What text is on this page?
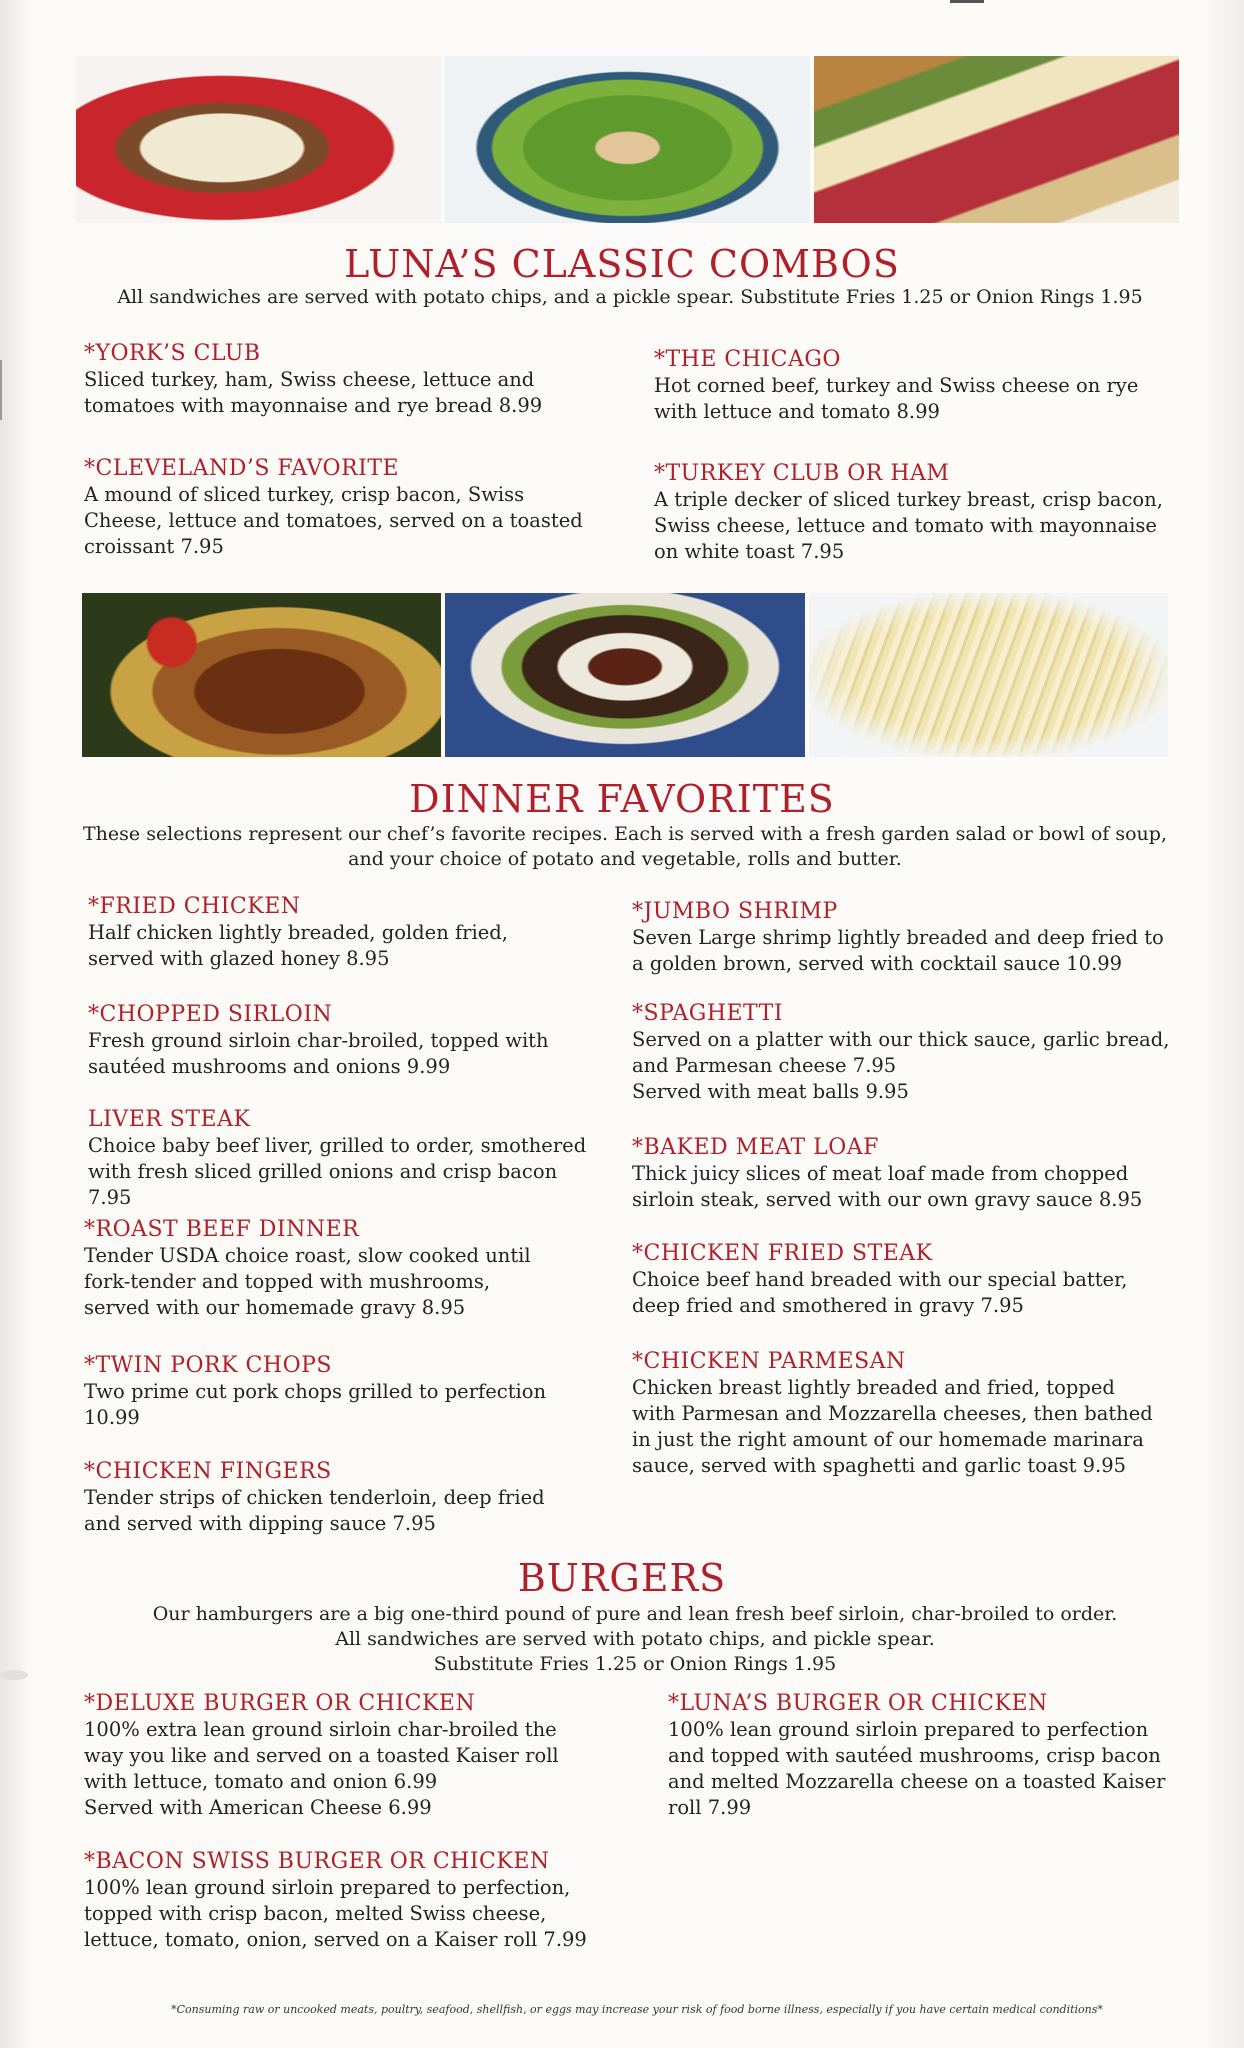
LUNA’S CLASSIC COMBOS
All sandwiches are served with potato chips, and a pickle spear. Substitute Fries 1.25 or Onion Rings 1.95
*YORK’S CLUB
Sliced turkey, ham, Swiss cheese, lettuce and
tomatoes with mayonnaise and rye bread 8.99
*THE CHICAGO
Hot corned beef, turkey and Swiss cheese on rye
with lettuce and tomato 8.99
*CLEVELAND’S FAVORITE
A mound of sliced turkey, crisp bacon, Swiss
Cheese, lettuce and tomatoes, served on a toasted
croissant 7.95
*TURKEY CLUB OR HAM
A triple decker of sliced turkey breast, crisp bacon,
Swiss cheese, lettuce and tomato with mayonnaise
on white toast 7.95
DINNER FAVORITES
These selections represent our chef’s favorite recipes. Each is served with a fresh garden salad or bowl of soup, and your choice of potato and vegetable, rolls and butter.
*FRIED CHICKEN
Half chicken lightly breaded, golden fried,
served with glazed honey 8.95
*JUMBO SHRIMP
Seven Large shrimp lightly breaded and deep fried to
a golden brown, served with cocktail sauce 10.99
*CHOPPED SIRLOIN
Fresh ground sirloin char-broiled, topped with
sautéed mushrooms and onions 9.99
*SPAGHETTI
Served on a platter with our thick sauce, garlic bread,
and Parmesan cheese 7.95
Served with meat balls 9.95
LIVER STEAK
Choice baby beef liver, grilled to order, smothered
with fresh sliced grilled onions and crisp bacon
7.95
*BAKED MEAT LOAF
Thick juicy slices of meat loaf made from chopped
sirloin steak, served with our own gravy sauce 8.95
*ROAST BEEF DINNER
Tender USDA choice roast, slow cooked until
fork-tender and topped with mushrooms,
served with our homemade gravy 8.95
*CHICKEN FRIED STEAK
Choice beef hand breaded with our special batter,
deep fried and smothered in gravy 7.95
*TWIN PORK CHOPS
Two prime cut pork chops grilled to perfection
10.99
*CHICKEN PARMESAN
Chicken breast lightly breaded and fried, topped
with Parmesan and Mozzarella cheeses, then bathed
in just the right amount of our homemade marinara
sauce, served with spaghetti and garlic toast 9.95
*CHICKEN FINGERS
Tender strips of chicken tenderloin, deep fried
and served with dipping sauce 7.95
BURGERS
Our hamburgers are a big one-third pound of pure and lean fresh beef sirloin, char-broiled to order.
All sandwiches are served with potato chips, and pickle spear.
Substitute Fries 1.25 or Onion Rings 1.95
*DELUXE BURGER OR CHICKEN
100% extra lean ground sirloin char-broiled the
way you like and served on a toasted Kaiser roll
with lettuce, tomato and onion 6.99
Served with American Cheese 6.99
*LUNA’S BURGER OR CHICKEN
100% lean ground sirloin prepared to perfection
and topped with sautéed mushrooms, crisp bacon
and melted Mozzarella cheese on a toasted Kaiser
roll 7.99
*BACON SWISS BURGER OR CHICKEN
100% lean ground sirloin prepared to perfection,
topped with crisp bacon, melted Swiss cheese,
lettuce, tomato, onion, served on a Kaiser roll 7.99
*Consuming raw or uncooked meats, poultry, seafood, shellfish, or eggs may increase your risk of food borne illness, especially if you have certain medical conditions*
